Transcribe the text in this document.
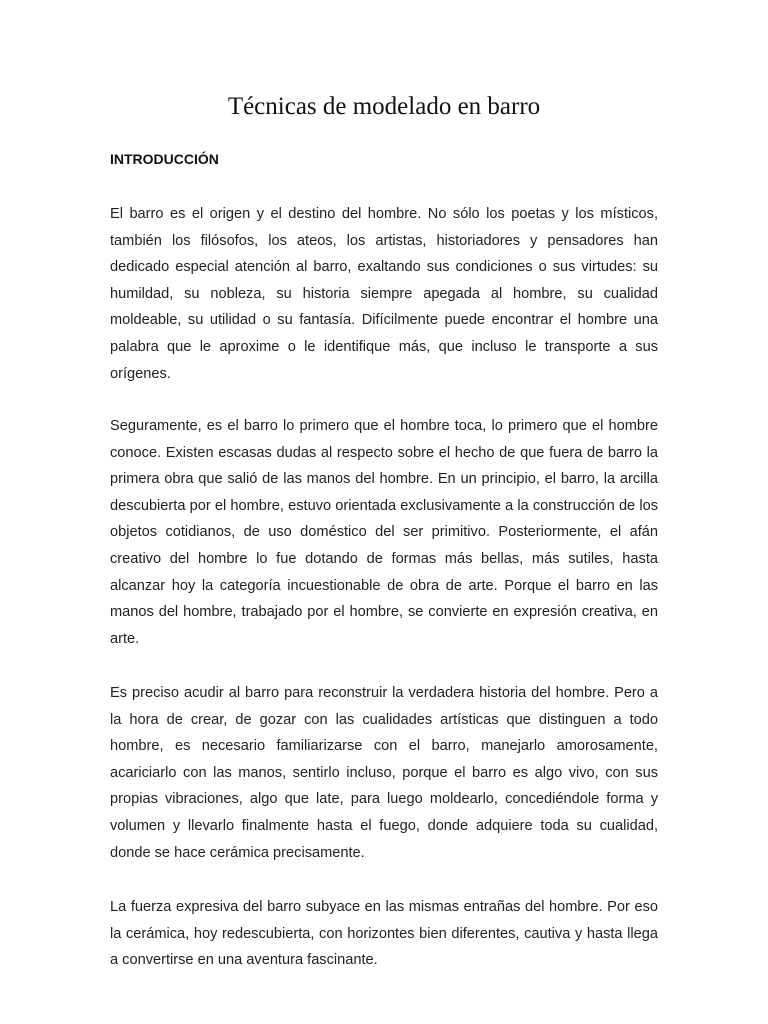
Técnicas de modelado en barro
INTRODUCCIÓN

El barro es el origen y el destino del hombre. No sólo los poetas y los místicos, también los filósofos, los ateos, los artistas, historiadores y pensadores han dedicado especial atención al barro, exaltando sus condiciones o sus virtudes: su humildad, su nobleza, su historia siempre apegada al hombre, su cualidad moldeable, su utilidad o su fantasía. Difícilmente puede encontrar el hombre una palabra que le aproxime o le identifique más, que incluso le transporte a sus orígenes.

Seguramente, es el barro lo primero que el hombre toca, lo primero que el hombre conoce. Existen escasas dudas al respecto sobre el hecho de que fuera de barro la primera obra que salió de las manos del hombre. En un principio, el barro, la arcilla descubierta por el hombre, estuvo orientada exclusivamente a la construcción de los objetos cotidianos, de uso doméstico del ser primitivo. Posteriormente, el afán creativo del hombre lo fue dotando de formas más bellas, más sutiles, hasta alcanzar hoy la categoría incuestionable de obra de arte. Porque el barro en las manos del hombre, trabajado por el hombre, se convierte en expresión creativa, en arte.

Es preciso acudir al barro para reconstruir la verdadera historia del hombre. Pero a la hora de crear, de gozar con las cualidades artísticas que distinguen a todo hombre, es necesario familiarizarse con el barro, manejarlo amorosamente, acariciarlo con las manos, sentirlo incluso, porque el barro es algo vivo, con sus propias vibraciones, algo que late, para luego moldearlo, concediéndole forma y volumen y llevarlo finalmente hasta el fuego, donde adquiere toda su cualidad, donde se hace cerámica precisamente.

La fuerza expresiva del barro subyace en las mismas entrañas del hombre. Por eso la cerámica, hoy redescubierta, con horizontes bien diferentes, cautiva y hasta llega a convertirse en una aventura fascinante.
